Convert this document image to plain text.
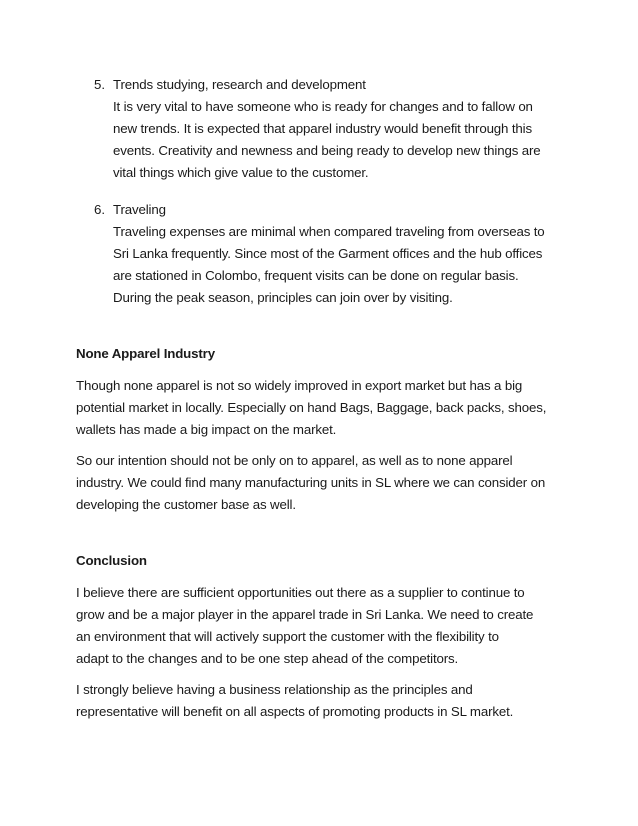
5. Trends studying, research and development
It is very vital to have someone who is ready for changes and to fallow on
new trends. It is expected that apparel industry would benefit through this
events. Creativity and newness and being ready to develop new things are
vital things which give value to the customer.
6. Traveling
Traveling expenses are minimal when compared traveling from overseas to
Sri Lanka frequently. Since most of the Garment offices and the hub offices
are stationed in Colombo, frequent visits can be done on regular basis.
During the peak season, principles can join over by visiting.
None Apparel Industry
Though none apparel is not so widely improved in export market but has a big
potential market in locally. Especially on hand Bags, Baggage, back packs, shoes,
wallets has made a big impact on the market.
So our intention should not be only on to apparel, as well as to none apparel
industry. We could find many manufacturing units in SL where we can consider on
developing the customer base as well.
Conclusion
I believe there are sufficient opportunities out there as a supplier to continue to
grow and be a major player in the apparel trade in Sri Lanka. We need to create
an environment that will actively support the customer with the flexibility to
adapt to the changes and to be one step ahead of the competitors.
I strongly believe having a business relationship as the principles and
representative will benefit on all aspects of promoting products in SL market.
